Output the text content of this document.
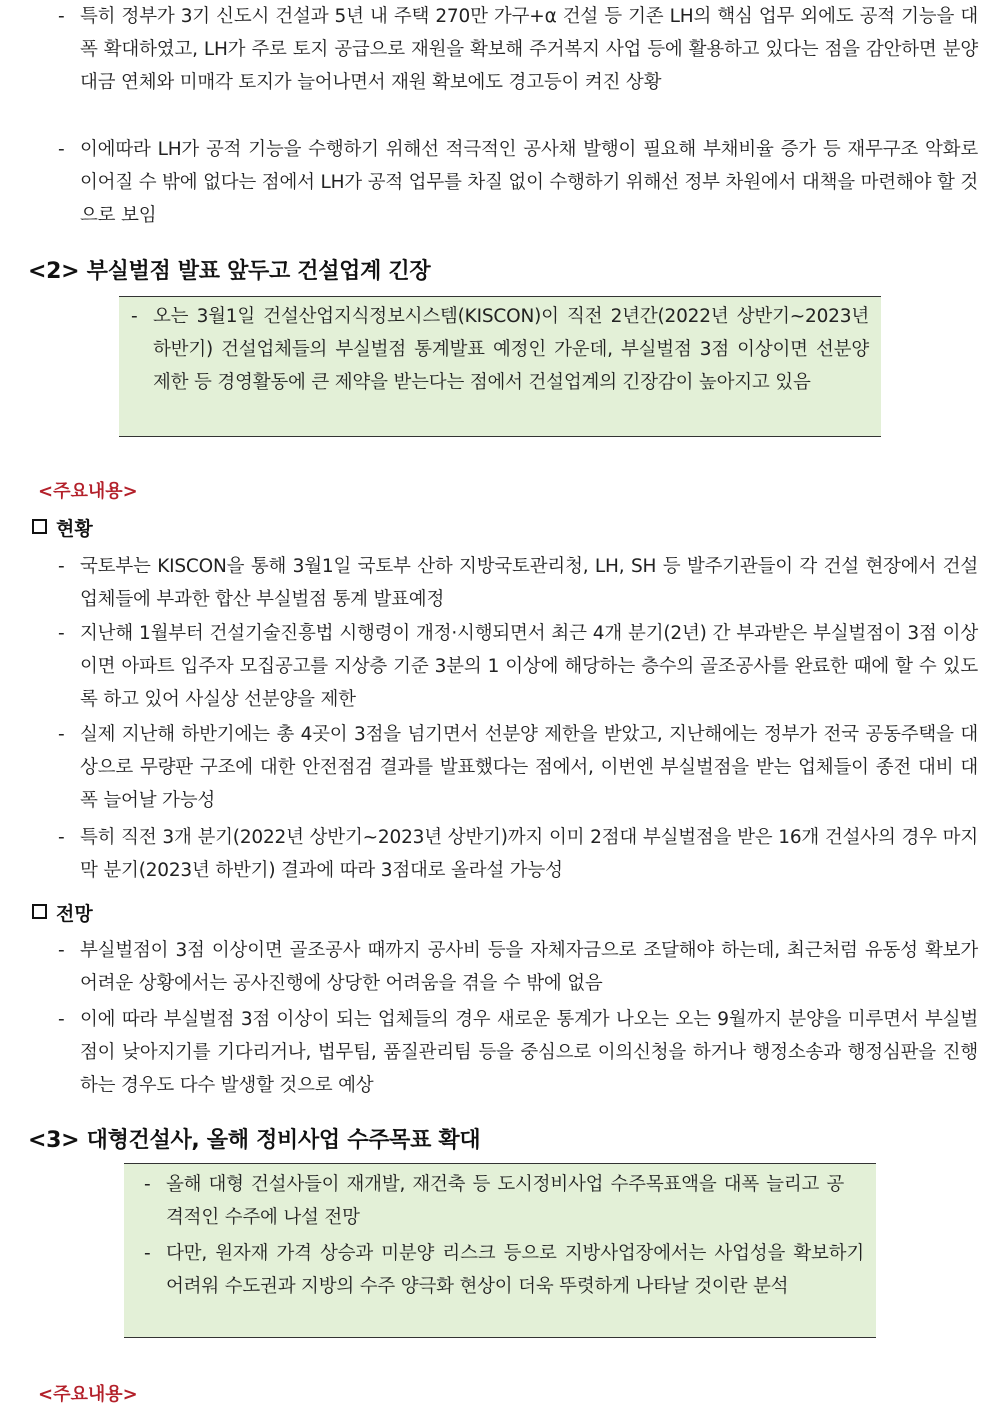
- 특히 정부가 3기 신도시 건설과 5년 내 주택 270만 가구+α 건설 등 기존 LH의 핵심 업무 외에도 공적 기능을 대폭 확대하였고, LH가 주로 토지 공급으로 재원을 확보해 주거복지 사업 등에 활용하고 있다는 점을 감안하면 분양대금 연체와 미매각 토지가 늘어나면서 재원 확보에도 경고등이 켜진 상황
- 이에따라 LH가 공적 기능을 수행하기 위해선 적극적인 공사채 발행이 필요해 부채비율 증가 등 재무구조 악화로 이어질 수 밖에 없다는 점에서 LH가 공적 업무를 차질 없이 수행하기 위해선 정부 차원에서 대책을 마련해야 할 것으로 보임
<2> 부실벌점 발표 앞두고 건설업계 긴장
- 오는 3월1일 건설산업지식정보시스템(KISCON)이 직전 2년간(2022년 상반기~2023년 하반기) 건설업체들의 부실벌점 통계발표 예정인 가운데, 부실벌점 3점 이상이면 선분양 제한 등 경영활동에 큰 제약을 받는다는 점에서 건설업계의 긴장감이 높아지고 있음
<주요내용>
현황
- 국토부는 KISCON을 통해 3월1일 국토부 산하 지방국토관리청, LH, SH 등 발주기관들이 각 건설 현장에서 건설업체들에 부과한 합산 부실벌점 통계 발표예정
- 지난해 1월부터 건설기술진흥법 시행령이 개정·시행되면서 최근 4개 분기(2년) 간 부과받은 부실벌점이 3점 이상이면 아파트 입주자 모집공고를 지상층 기준 3분의 1 이상에 해당하는 층수의 골조공사를 완료한 때에 할 수 있도록 하고 있어 사실상 선분양을 제한
- 실제 지난해 하반기에는 총 4곳이 3점을 넘기면서 선분양 제한을 받았고, 지난해에는 정부가 전국 공동주택을 대상으로 무량판 구조에 대한 안전점검 결과를 발표했다는 점에서, 이번엔 부실벌점을 받는 업체들이 종전 대비 대폭 늘어날 가능성
- 특히 직전 3개 분기(2022년 상반기~2023년 상반기)까지 이미 2점대 부실벌점을 받은 16개 건설사의 경우 마지막 분기(2023년 하반기) 결과에 따라 3점대로 올라설 가능성
전망
- 부실벌점이 3점 이상이면 골조공사 때까지 공사비 등을 자체자금으로 조달해야 하는데, 최근처럼 유동성 확보가 어려운 상황에서는 공사진행에 상당한 어려움을 겪을 수 밖에 없음
- 이에 따라 부실벌점 3점 이상이 되는 업체들의 경우 새로운 통계가 나오는 오는 9월까지 분양을 미루면서 부실벌점이 낮아지기를 기다리거나, 법무팀, 품질관리팀 등을 중심으로 이의신청을 하거나 행정소송과 행정심판을 진행하는 경우도 다수 발생할 것으로 예상
<3> 대형건설사, 올해 정비사업 수주목표 확대
- 올해 대형 건설사들이 재개발, 재건축 등 도시정비사업 수주목표액을 대폭 늘리고 공격적인 수주에 나설 전망
- 다만, 원자재 가격 상승과 미분양 리스크 등으로 지방사업장에서는 사업성을 확보하기 어려워 수도권과 지방의 수주 양극화 현상이 더욱 뚜렷하게 나타날 것이란 분석
<주요내용>
